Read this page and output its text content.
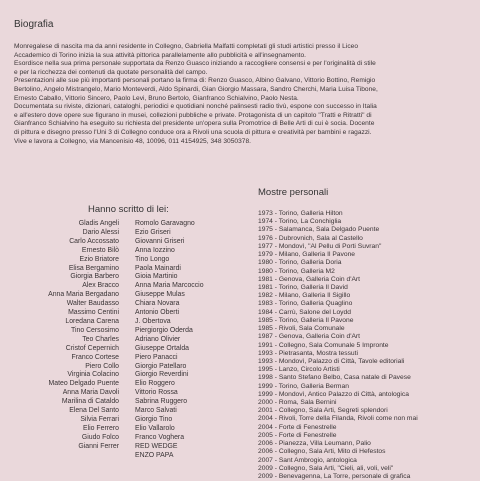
Biografia
Monregalese di nascita ma da anni residente in Collegno, Gabriella Malfatti completati gli studi artistici presso il Liceo
Accademico di Torino inizia la sua attività pittorica parallelamente allo pubblicità e all'insegnamento.
Esordisce nella sua prima personale supportata da Renzo Guasco iniziando a raccogliere consensi e per l'originalità di stile
e per la ricchezza dei contenuti da quotate personalità del campo.
Presentazioni alle sue più importanti personali portano la firma di: Renzo Guasco, Albino Galvano, Vittorio Bottino, Remigio
Bertolino, Angelo Mistrangelo, Mario Monteverdi, Aldo Spinardi, Gian Giorgio Massara, Sandro Cherchi, Maria Luisa Tibone,
Ernesto Caballo, Vittorio Sincero, Paolo Levi, Bruno Bertolo, Gianfranco Schialvino, Paolo Nesta.
Documentata su riviste, dizionari, cataloghi, periodici e quotidiani nonché palinsesti radio tivù, espone con successo in Italia
e all'estero dove opere sue figurano in musei, collezioni pubbliche e private. Protagonista di un capitolo "Tratti e Ritratti" di
Gianfranco Schialvino ha eseguito su richiesta del presidente un'opera sulla Promotrice di Belle Arti di cui è socia. Docente
di pittura e disegno presso l'Uni 3 di Collegno conduce ora a Rivoli una scuola di pittura e creatività per bambini e ragazzi.
Vive e lavora a Collegno, via Mancenisio 48, 10096, 011 4154925, 348 3050378.
Hanno scritto di lei:
Gladis Angeli
Dario Alessi
Carlo Accossato
Ernesto Bilò
Ezio Briatore
Elisa Bergamino
Giorgia Barbero
Alex Bracco
Anna Maria Bergadano
Walter Baudasso
Massimo Centini
Loredana Carena
Tino Cersosimo
Teo Charles
Cristof Cepernich
Franco Cortese
Piero Collo
Virginia Colacino
Mateo Delgado Puente
Anna Maria Davoli
Marilina di Cataldo
Elena Del Santo
Silvia Ferrari
Elio Ferrero
Giudo Folco
Gianni Ferrer
Romolo Garavagno
Ezio Griseri
Giovanni Griseri
Anna Iozzino
Tino Longo
Paola Mainardi
Gioia Martinio
Anna Maria Marcoccio
Giuseppe Mulas
Chiara Novara
Antonio Oberti
J. Obertova
Piergiorgio Oderda
Adriano Olivier
Giuseppe Ortalda
Piero Panacci
Giorgio Patellaro
Giorgio Reverdini
Elio Roggero
Vittorio Rossa
Sabrina Ruggero
Marco Salvati
Giorgio Tino
Elio Vallarolo
Franco Voghera
RED WEDGE
ENZO PAPA
Mostre personali
1973 - Torino, Galleria Hilton
1974 - Torino, La Conchiglia
1975 - Salamanca, Sala Delgado Puente
1976 - Dubrovnich, Sala al Castello
1977 - Mondovì, "Al Pellu di Porti Suvran"
1979 - Milano, Galleria Il Pavone
1980 - Torino, Galleria Doria
1980 - Torino, Galleria M2
1981 - Genova, Galleria Coin d'Art
1981 - Torino, Galleria Il David
1982 - Milano, Galleria Il Sigillo
1983 - Torino, Galleria Quaglino
1984 - Carrù, Salone del Loydd
1985 - Torino, Galleria Il Pavone
1985 - Rivoli, Sala Comunale
1987 - Genova, Galleria Coin d'Art
1991 - Collegno, Sala Comunale 5 Impronte
1993 - Pietrasanta, Mostra tessuti
1993 - Mondovì, Palazzo di Città, Tavole editoriali
1995 - Lanzo, Circolo Artisti
1998 - Santo Stefano Belbo, Casa natale di Pavese
1999 - Torino, Galleria Berman
1999 - Mondovì, Antico Palazzo di Città, antologica
2000 - Roma, Sala Bernini
2001 - Collegno, Sala Arti, Segreti splendori
2004 - Rivoli, Torre della Filanda, Rivoli come non mai
2004 - Forte di Fenestrelle
2005 - Forte di Fenestrelle
2006 - Pianezza, Villa Leumann, Palio
2006 - Collegno, Sala Arti, Mito di Hefestos
2007 - Sant Ambrogio, antologica
2009 - Collegno, Sala Arti, "Cieli, ali, voli, veli"
2009 - Benevagenna, La Torre, personale di grafica
